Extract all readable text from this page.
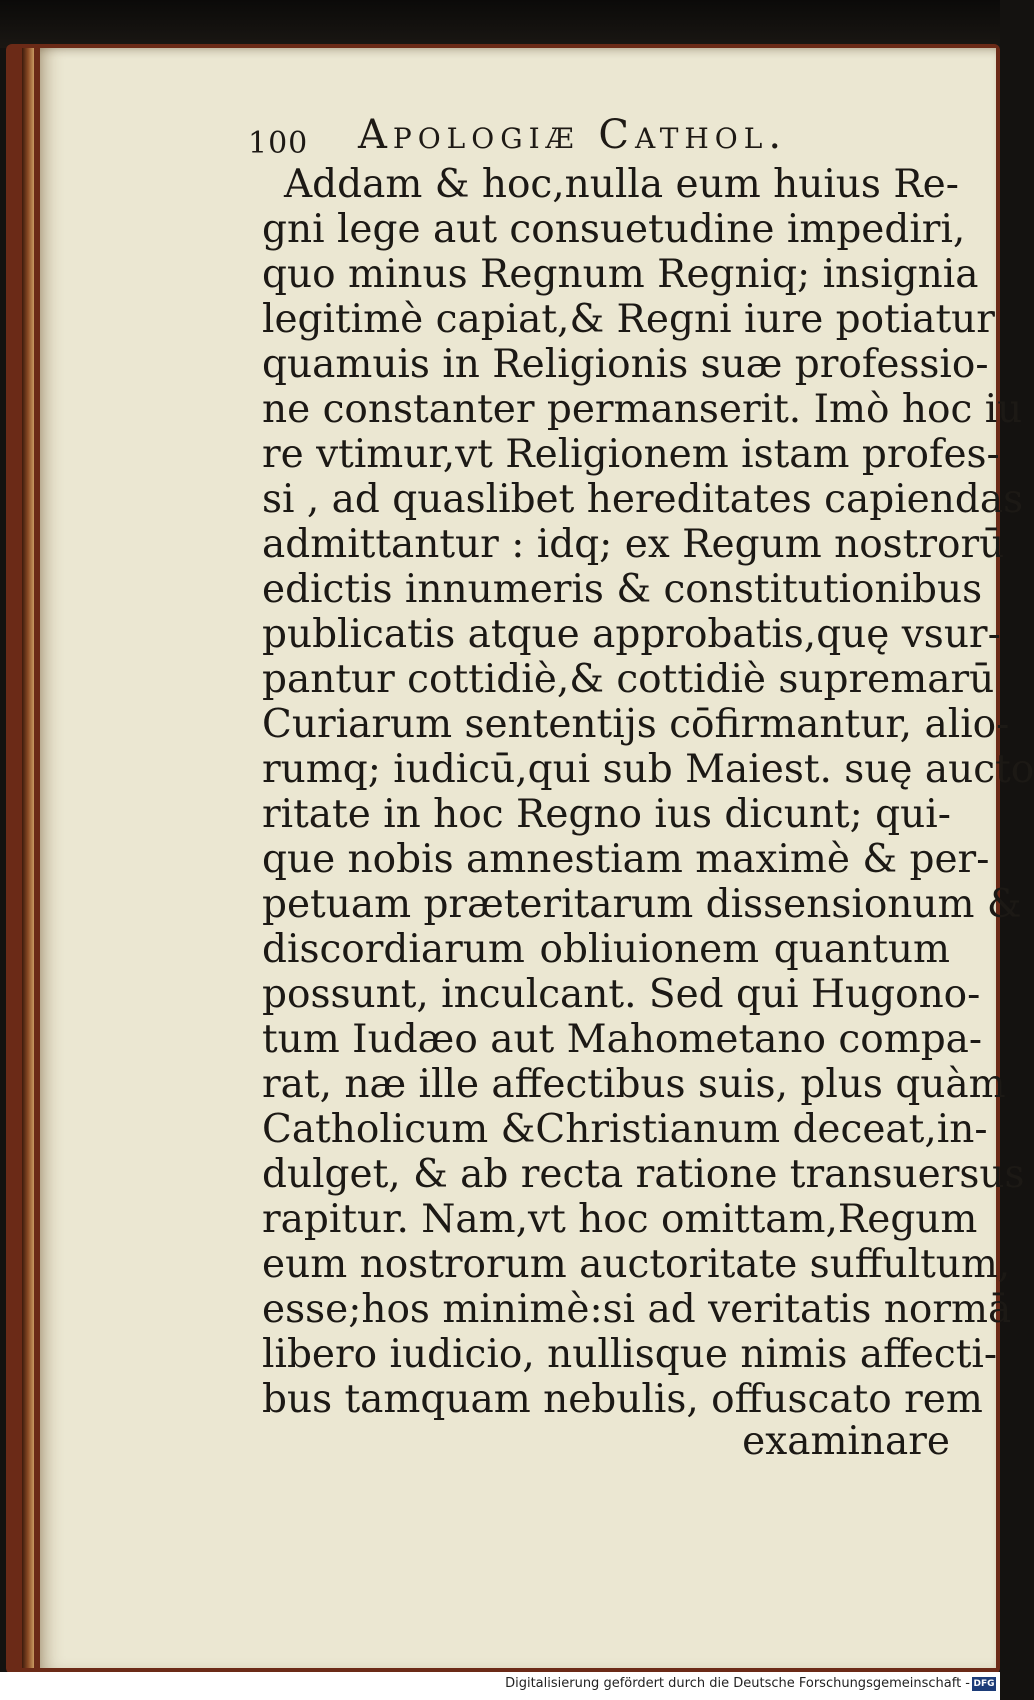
100 Apologiæ Cathol.
Addam & hoc,nulla eum huius Re-
gni lege aut consuetudine impediri,
quo minus Regnum Regniq; insignia
legitimè capiat,& Regni iure potiatur
quamuis in Religionis suæ professio-
ne constanter permanserit. Imò hoc iu
re vtimur,vt Religionem istam profes-
si , ad quaslibet hereditates capiendas
admittantur : idq; ex Regum nostrorū
edictis innumeris & constitutionibus
publicatis atque approbatis,quę vsur-
pantur cottidiè,& cottidiè supremarū
Curiarum sententijs cōfirmantur, alio-
rumq; iudicū,qui sub Maiest. suę aucto
ritate in hoc Regno ius dicunt; qui-
que nobis amnestiam maximè & per-
petuam præteritarum dissensionum &
discordiarum obliuionem quantum
possunt, inculcant. Sed qui Hugono-
tum Iudæo aut Mahometano compa-
rat, næ ille affectibus suis, plus quàm
Catholicum &Christianum deceat,in-
dulget, & ab recta ratione transuersus
rapitur. Nam,vt hoc omittam,Regum
eum nostrorum auctoritate suffultum,
esse;hos minimè:si ad veritatis normā
libero iudicio, nullisque nimis affecti-
bus tamquam nebulis, offuscato rem
examinare
Digitalisierung gefördert durch die Deutsche Forschungsgemeinschaft - DFG
